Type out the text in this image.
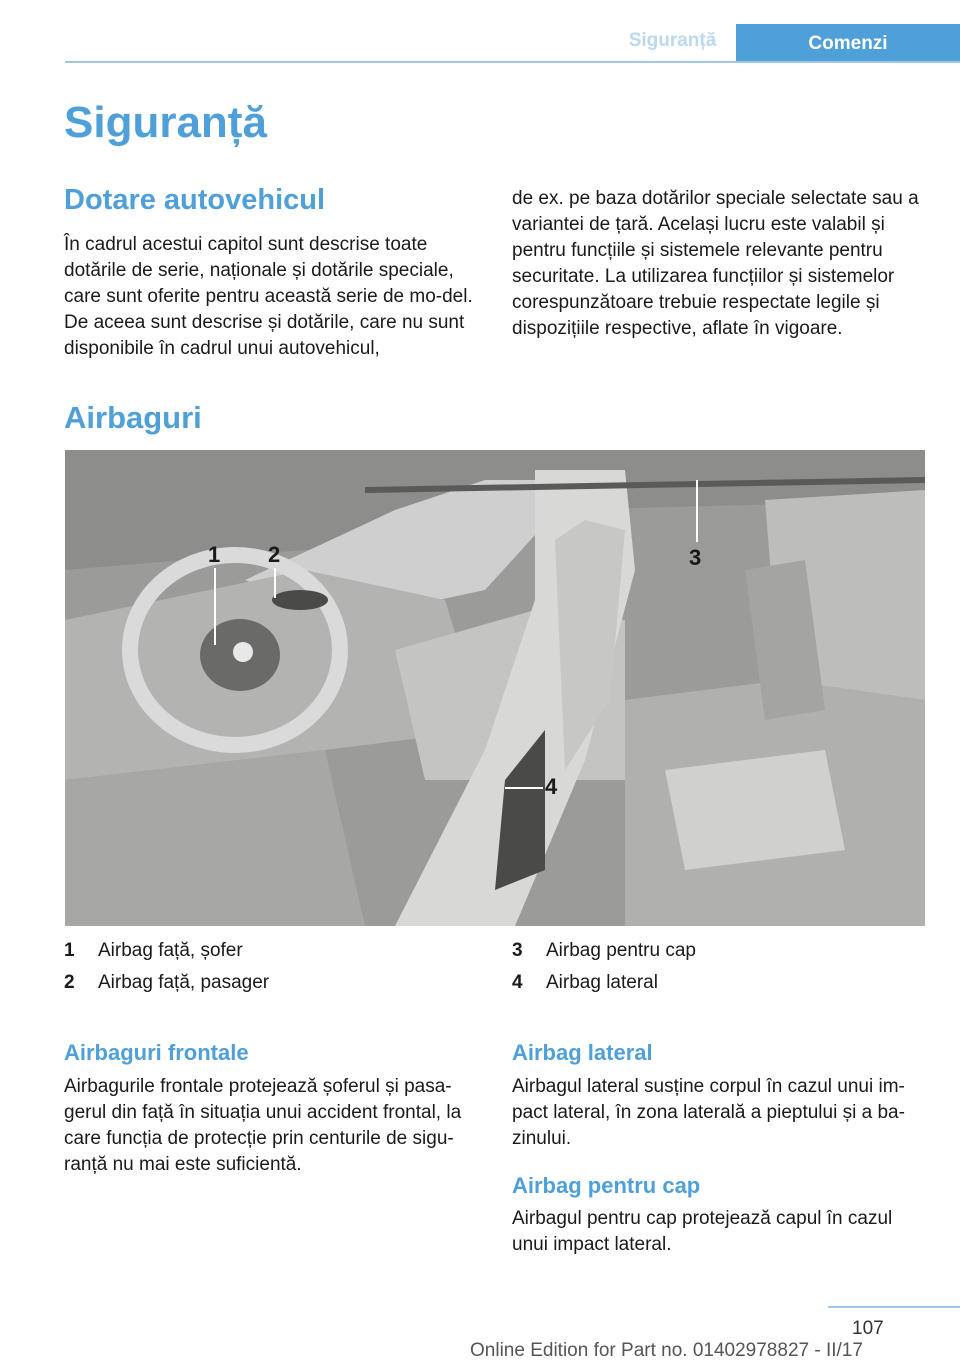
Siguranță	Comenzi
Siguranță
Dotare autovehicul

În cadrul acestui capitol sunt descrise toate dotările de serie, naționale și dotările speciale, care sunt oferite pentru această serie de mo‐del. De aceea sunt descrise și dotările, care nu sunt disponibile în cadrul unui autovehicul,

de ex. pe baza dotărilor speciale selectate sau a variantei de țară. Același lucru este valabil și pentru funcțiile și sistemele relevante pentru securitate. La utilizarea funcțiilor și sistemelor corespunzătoare trebuie respectate legile și dispozițiile respective, aflate în vigoare.

Airbaguri
1 2	3
4
1	Airbag față, șofer
2	Airbag față, pasager
3	Airbag pentru cap
4	Airbag lateral
Airbaguri frontale

Airbagurile frontale protejează șoferul și pasa‐gerul din față în situația unui accident frontal, la care funcția de protecție prin centurile de sigu‐ranță nu mai este suficientă.

Airbag lateral

Airbagul lateral susține corpul în cazul unui im‐pact lateral, în zona laterală a pieptului și a ba‐zinului.

Airbag pentru cap

Airbagul pentru cap protejează capul în cazul unui impact lateral.

107
Online Edition for Part no. 01402978827 - II/17
